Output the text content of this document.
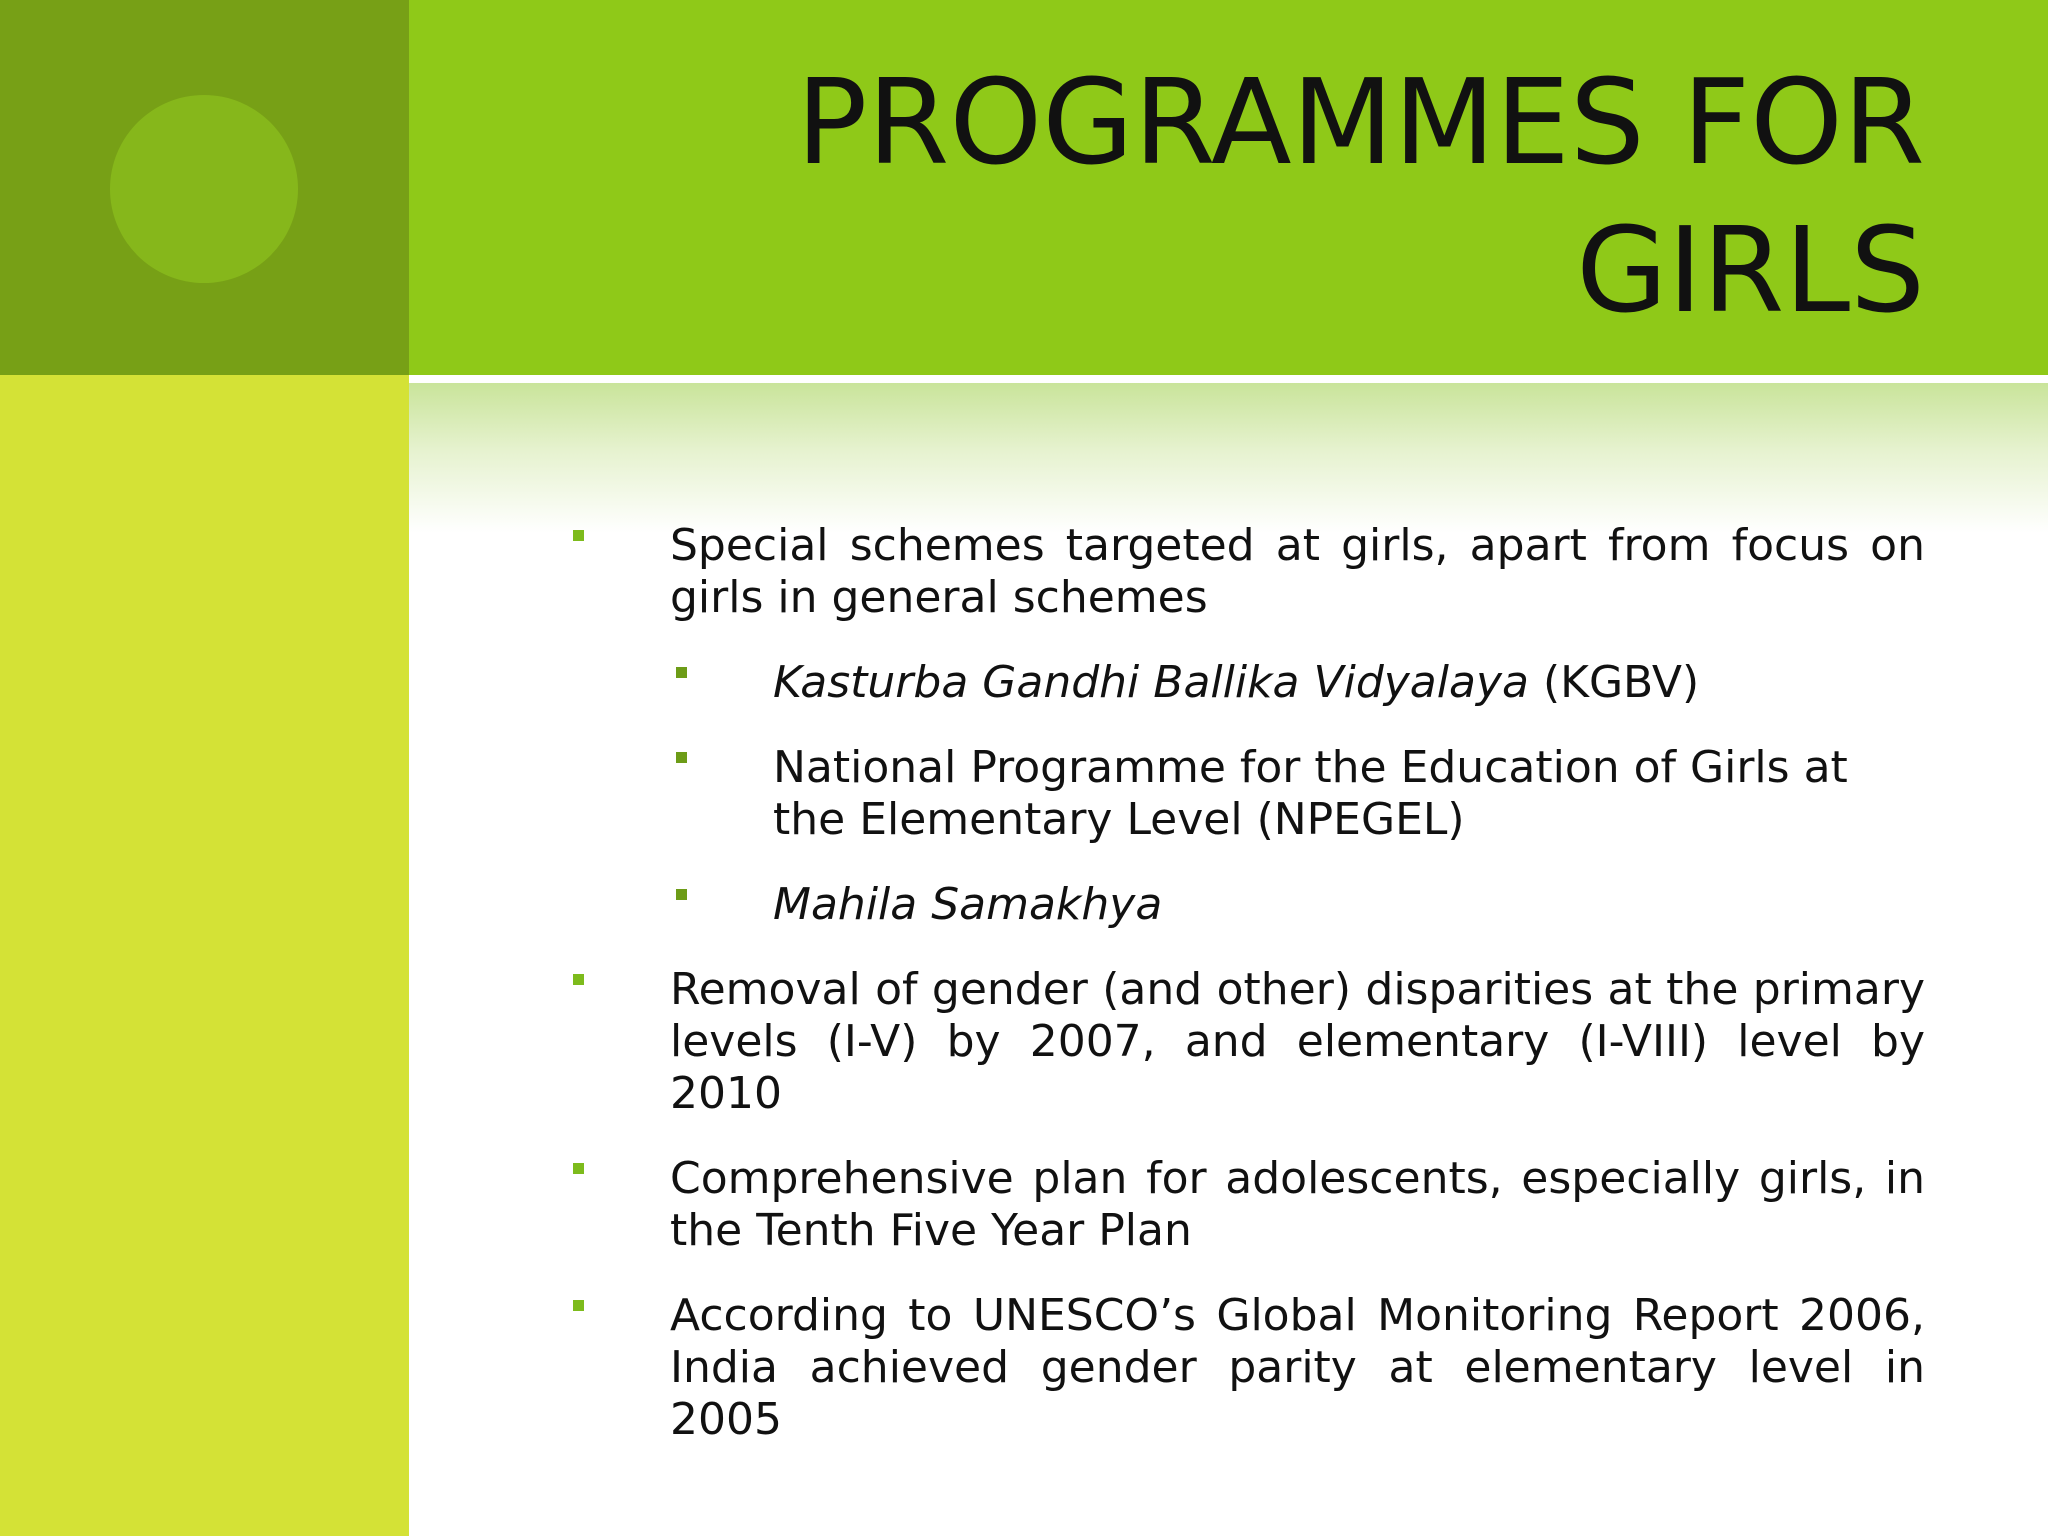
PROGRAMMES FOR GIRLS
Special schemes targeted at girls, apart from focus on girls in general schemes
Kasturba Gandhi Ballika Vidyalaya (KGBV)
National Programme for the Education of Girls at the Elementary Level (NPEGEL)
Mahila Samakhya
Removal of gender (and other) disparities at the primary levels (I-V) by 2007, and elementary (I-VIII) level by 2010
Comprehensive plan for adolescents, especially girls, in the Tenth Five Year Plan
According to UNESCO’s Global Monitoring Report 2006, India achieved gender parity at elementary level in 2005
